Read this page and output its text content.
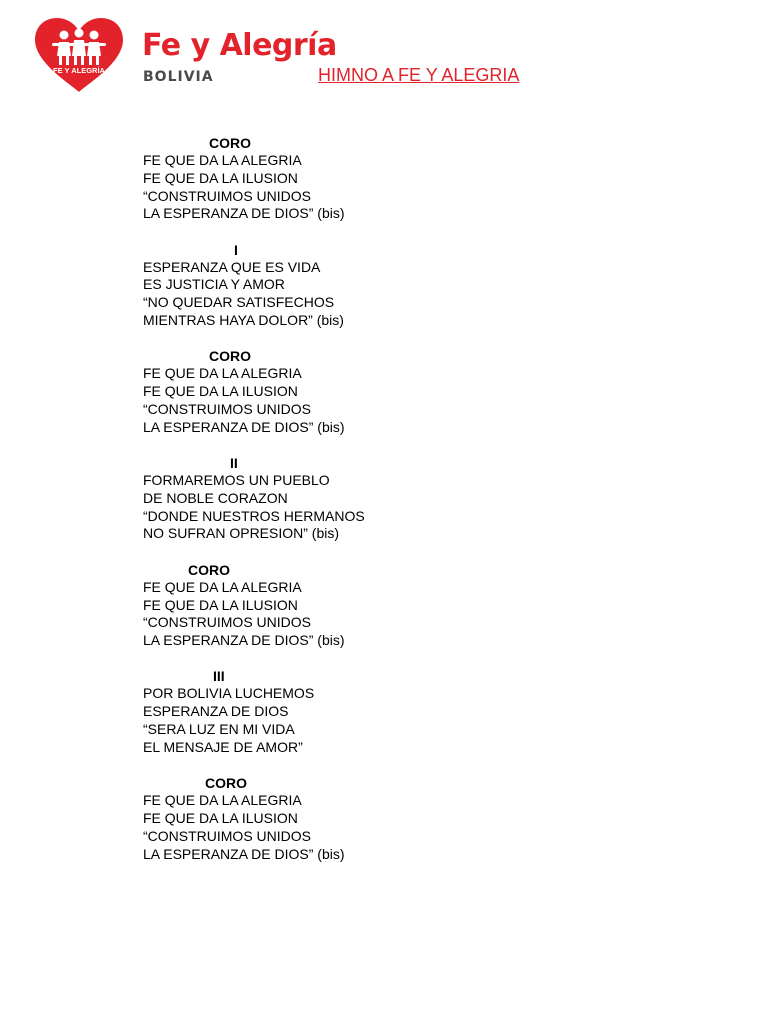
FE Y ALEGRÍA
Fe y Alegría
BOLIVIA	HIMNO A FE Y ALEGRIA
CORO
FE QUE DA LA ALEGRIA
FE QUE DA LA ILUSION
“CONSTRUIMOS UNIDOS
LA ESPERANZA DE DIOS” (bis)
I
ESPERANZA QUE ES VIDA
ES JUSTICIA Y AMOR
“NO QUEDAR SATISFECHOS
MIENTRAS HAYA DOLOR” (bis)
CORO
FE QUE DA LA ALEGRIA
FE QUE DA LA ILUSION
“CONSTRUIMOS UNIDOS
LA ESPERANZA DE DIOS” (bis)
II
FORMAREMOS UN PUEBLO
DE NOBLE CORAZON
“DONDE NUESTROS HERMANOS
NO SUFRAN OPRESION” (bis)
CORO
FE QUE DA LA ALEGRIA
FE QUE DA LA ILUSION
“CONSTRUIMOS UNIDOS
LA ESPERANZA DE DIOS” (bis)
III
POR BOLIVIA LUCHEMOS
ESPERANZA DE DIOS
“SERA LUZ EN MI VIDA
EL MENSAJE DE AMOR”
CORO
FE QUE DA LA ALEGRIA
FE QUE DA LA ILUSION
“CONSTRUIMOS UNIDOS
LA ESPERANZA DE DIOS” (bis)
